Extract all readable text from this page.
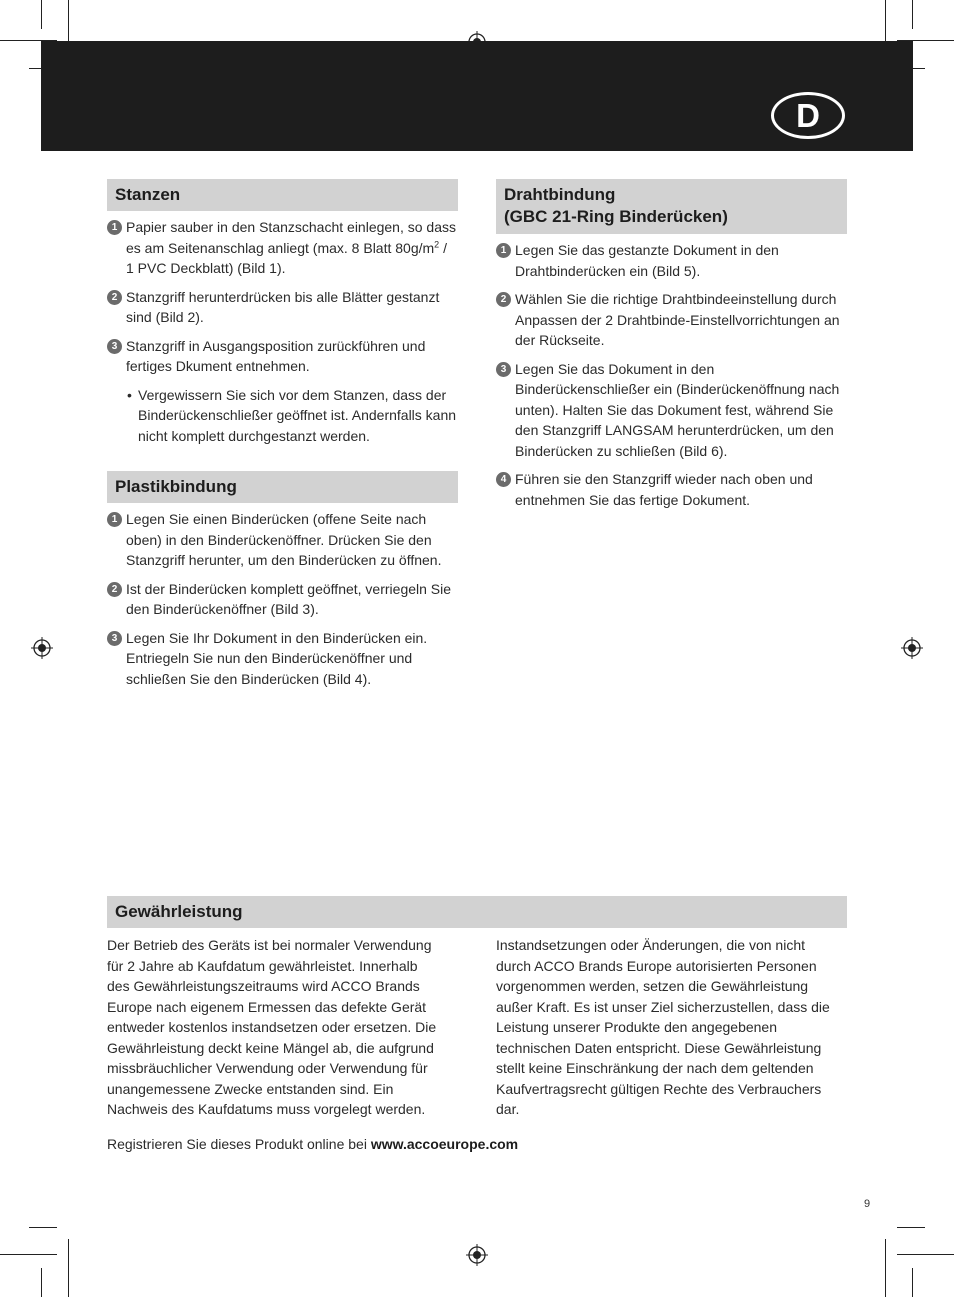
D
Stanzen
1 Papier sauber in den Stanzschacht einlegen, so dass es am Seitenanschlag anliegt (max. 8 Blatt $80g/m^2 / 1$ PVC Deckblatt) (Bild 1).
2 Stanzgriff herunterdrücken bis alle Blätter gestanzt sind (Bild 2).
3 Stanzgriff in Ausgangsposition zurückführen und fertiges Dkument entnehmen.
• Vergewissern Sie sich vor dem Stanzen, dass der Binderückenschließer geöffnet ist. Andernfalls kann nicht komplett durchgestanzt werden.
Plastikbindung
1 Legen Sie einen Binderücken (offene Seite nach oben) in den Binderückenöffner. Drücken Sie den Stanzgriff herunter, um den Binderücken zu öffnen.
2 Ist der Binderücken komplett geöffnet, verriegeln Sie den Binderückenöffner (Bild 3).
3 Legen Sie Ihr Dokument in den Binderücken ein. Entriegeln Sie nun den Binderückenöffner und schließen Sie den Binderücken (Bild 4).
Drahtbindung
(GBC 21-Ring Binderücken)
1 Legen Sie das gestanzte Dokument in den Drahtbinderücken ein (Bild 5).
2 Wählen Sie die richtige Drahtbindeeinstellung durch Anpassen der 2 Drahtbinde-Einstellvorrichtungen an der Rückseite.
3 Legen Sie das Dokument in den Binderückenschließer ein (Binderückenöffnung nach unten). Halten Sie das Dokument fest, während Sie den Stanzgriff LANGSAM herunterdrücken, um den Binderücken zu schließen (Bild 6).
4 Führen sie den Stanzgriff wieder nach oben und entnehmen Sie das fertige Dokument.
Gewährleistung

Der Betrieb des Geräts ist bei normaler Verwendung für 2 Jahre ab Kaufdatum gewährleistet. Innerhalb des Gewährleistungszeitraums wird ACCO Brands Europe nach eigenem Ermessen das defekte Gerät entweder kostenlos instandsetzen oder ersetzen. Die Gewährleistung deckt keine Mängel ab, die aufgrund missbräuchlicher Verwendung oder Verwendung für unangemessene Zwecke entstanden sind. Ein Nachweis des Kaufdatums muss vorgelegt werden.

Instandsetzungen oder Änderungen, die von nicht durch ACCO Brands Europe autorisierten Personen vorgenommen werden, setzen die Gewährleistung außer Kraft. Es ist unser Ziel sicherzustellen, dass die Leistung unserer Produkte den angegebenen technischen Daten entspricht. Diese Gewährleistung stellt keine Einschränkung der nach dem geltenden Kaufvertragsrecht gültigen Rechte des Verbrauchers dar.

Registrieren Sie dieses Produkt online bei www.accoeurope.com
9
